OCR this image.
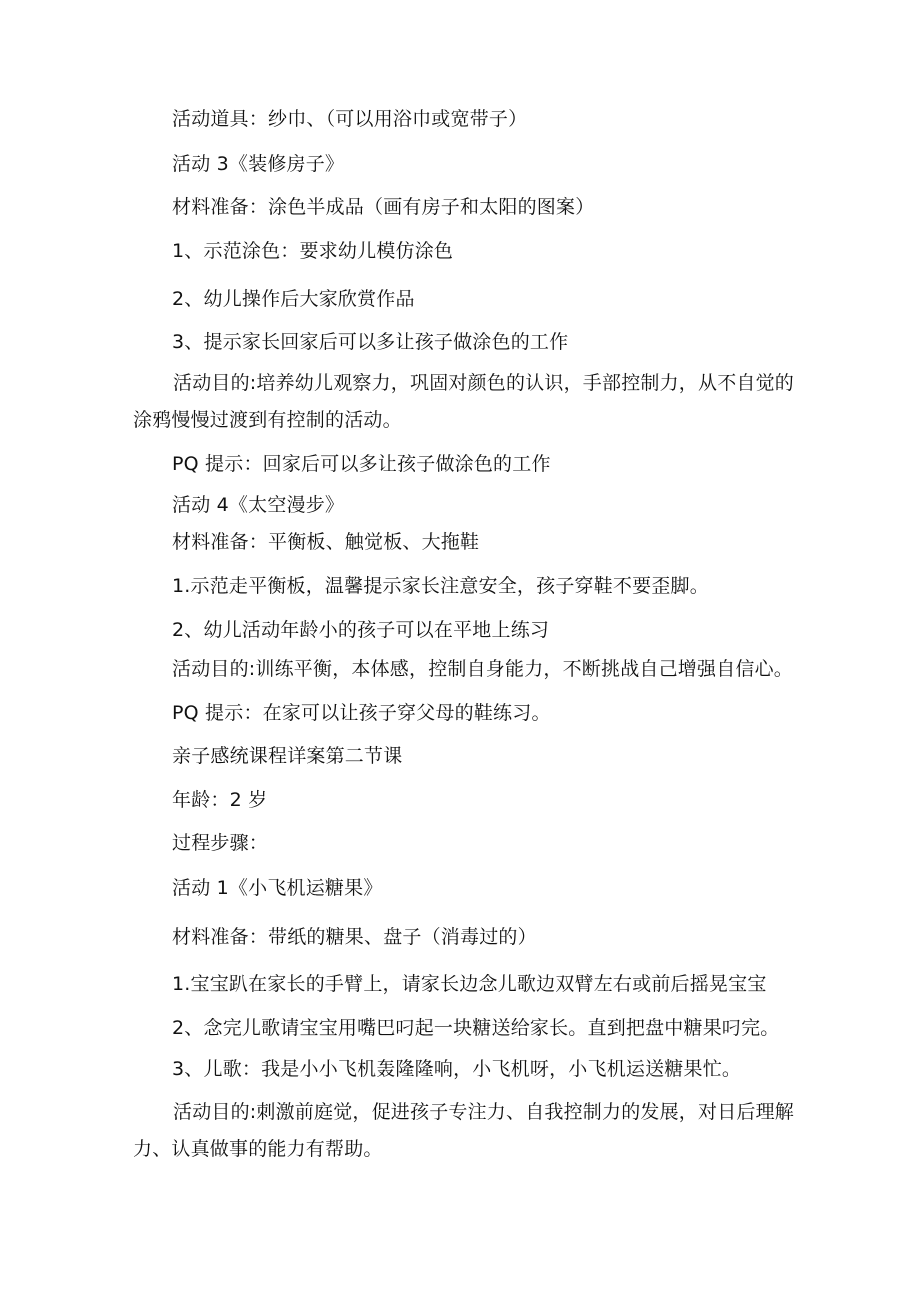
活动道具：纱巾、（可以用浴巾或宽带子）
活动 3《装修房子》
材料准备：涂色半成品（画有房子和太阳的图案）
1、示范涂色：要求幼儿模仿涂色
2、幼儿操作后大家欣赏作品
3、提示家长回家后可以多让孩子做涂色的工作
活动目的:培养幼儿观察力，巩固对颜色的认识，手部控制力，从不自觉的涂鸦慢慢过渡到有控制的活动。
PQ 提示：回家后可以多让孩子做涂色的工作
活动 4《太空漫步》
材料准备：平衡板、触觉板、大拖鞋
1.示范走平衡板，温馨提示家长注意安全，孩子穿鞋不要歪脚。
2、幼儿活动年龄小的孩子可以在平地上练习
活动目的:训练平衡，本体感，控制自身能力，不断挑战自己增强自信心。
PQ 提示：在家可以让孩子穿父母的鞋练习。
亲子感统课程详案第二节课
年龄：2 岁
过程步骤：
活动 1《小飞机运糖果》
材料准备：带纸的糖果、盘子（消毒过的）
1.宝宝趴在家长的手臂上，请家长边念儿歌边双臂左右或前后摇晃宝宝
2、念完儿歌请宝宝用嘴巴叼起一块糖送给家长。直到把盘中糖果叼完。
3、儿歌：我是小小飞机轰隆隆响，小飞机呀，小飞机运送糖果忙。
活动目的:刺激前庭觉，促进孩子专注力、自我控制力的发展，对日后理解力、认真做事的能力有帮助。
